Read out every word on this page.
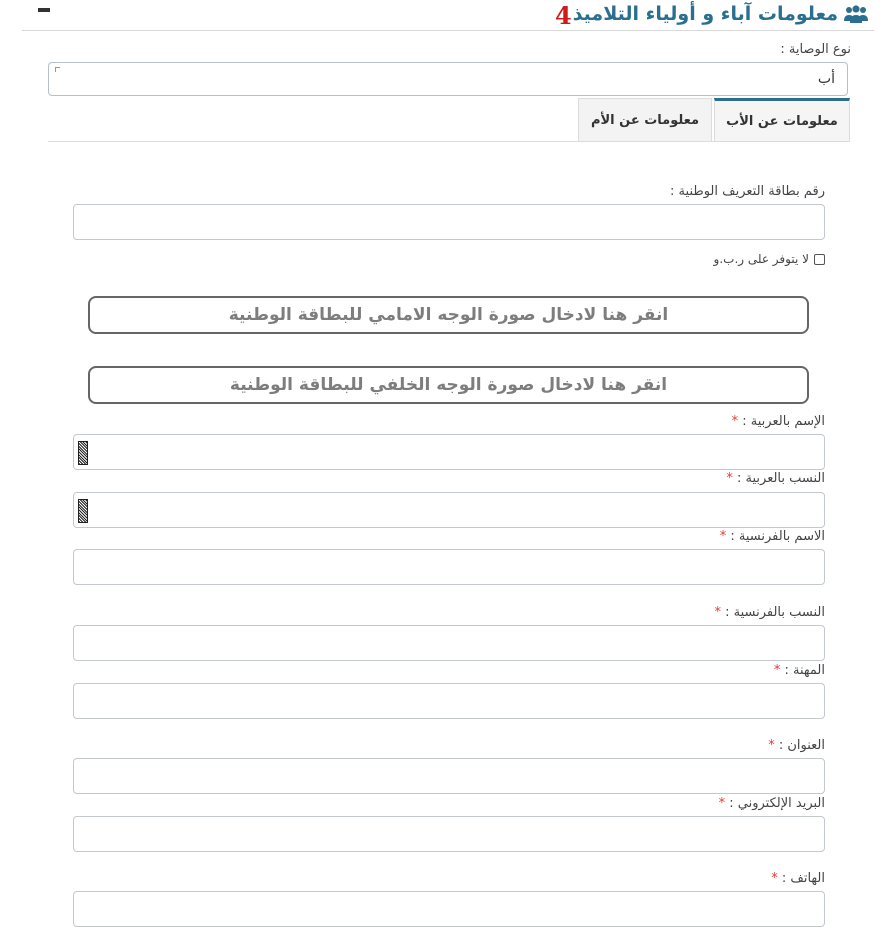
معلومات آباء و أولياء التلاميذ
4
نوع الوصاية :
أب
معلومات عن الأب
معلومات عن الأم
رقم بطاقة التعريف الوطنية :
لا يتوفر على ر.ب.و
انقر هنا لادخال صورة الوجه الامامي للبطاقة الوطنية
انقر هنا لادخال صورة الوجه الخلفي للبطاقة الوطنية
الإسم بالعربية : *
النسب بالعربية : *
الاسم بالفرنسية : *
النسب بالفرنسية : *
المهنة : *
العنوان : *
البريد الإلكتروني : *
الهاتف : *
